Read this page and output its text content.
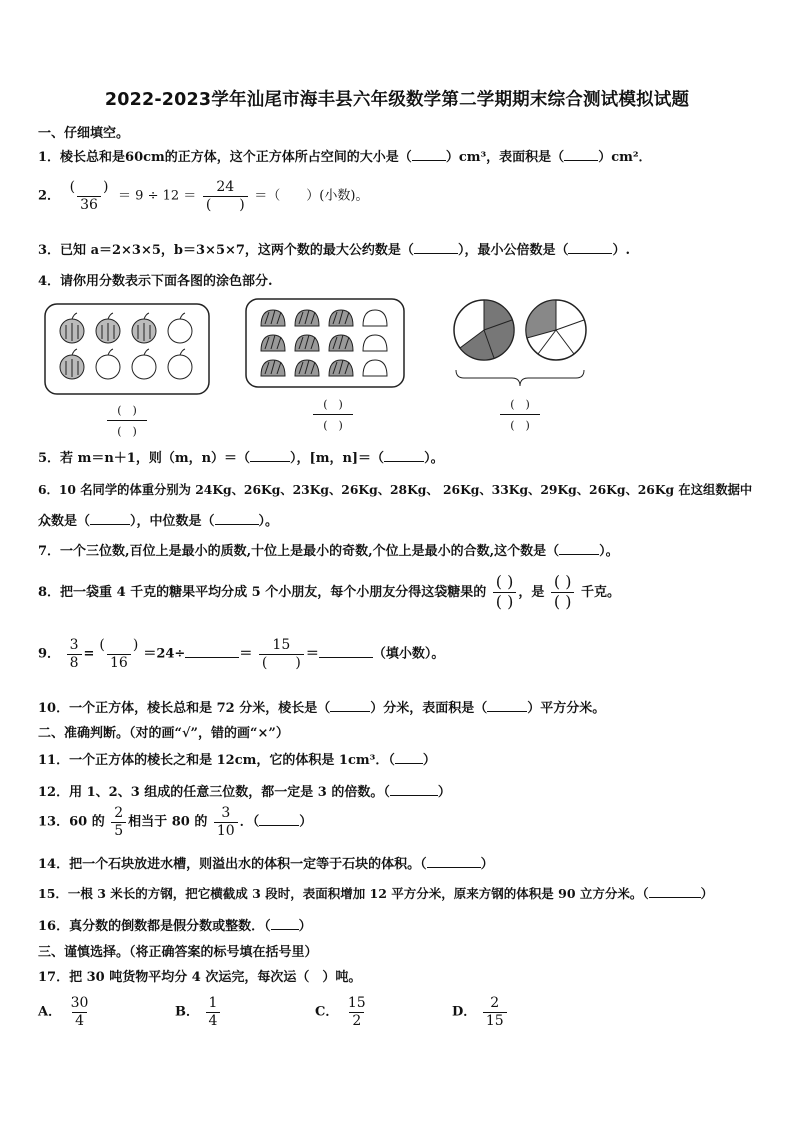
2022-2023学年汕尾市海丰县六年级数学第二学期期末综合测试模拟试题
一、仔细填空。
1．棱长总和是60cm的正方体，这个正方体所占空间的大小是（	）cm³，表面积是（	）cm²．
2． $\frac{( )}{36} = 9 \div 12 = \frac{24}{( )}$ ＝（　　）(小数)。
3．已知 a＝2×3×5，b＝3×5×7，这两个数的最大公约数是（	），最小公倍数是（	）.
4．请你用分数表示下面各图的涂色部分.
(　)
(　)
(　)
(　)
(　)
(　)
5．若 m＝n＋1，则（m，n）＝（	），[m，n]＝（	）。
6．10 名同学的体重分别为 24Kg、26Kg、23Kg、26Kg、28Kg、 26Kg、33Kg、29Kg、26Kg、26Kg 在这组数据中
众数是（	），中位数是（	）。
7．一个三位数,百位上是最小的质数,十位上是最小的奇数,个位上是最小的合数,这个数是（	）。
8．把一袋重 4 千克的糖果平均分成 5 个小朋友，每个小朋友分得这袋糖果的 $\frac{( )}{( )}$ ，是 $\frac{( )}{( )}$ 千克。
9． $\frac{3}{8} = \frac{( )}{16} =24\div$	＝ $\frac{15}{( )}$ ＝	（填小数）。
10．一个正方体，棱长总和是 72 分米，棱长是（	）分米，表面积是（	）平方分米。
二、准确判断。（对的画“√”，错的画“×”）
11．一个正方体的棱长之和是 12cm，它的体积是 1cm³．（ ）
12．用 1、2、3 组成的任意三位数，都一定是 3 的倍数。（	）
13．60 的 $\frac{2}{5}$ 相当于 80 的 $\frac{3}{10}$ ．（	）
14．把一个石块放进水槽，则溢出水的体积一定等于石块的体积。（	）
15．一根 3 米长的方钢，把它横截成 3 段时，表面积增加 12 平方分米，原来方钢的体积是 90 立方分米。（	）
16．真分数的倒数都是假分数或整数．（ ）
三、谨慎选择。（将正确答案的标号填在括号里）
17．把 30 吨货物平均分 4 次运完，每次运（　）吨。
A． $\frac{30}{4}$	B． $\frac{1}{4}$	C． $\frac{15}{2}$	D． $\frac{2}{15}$
